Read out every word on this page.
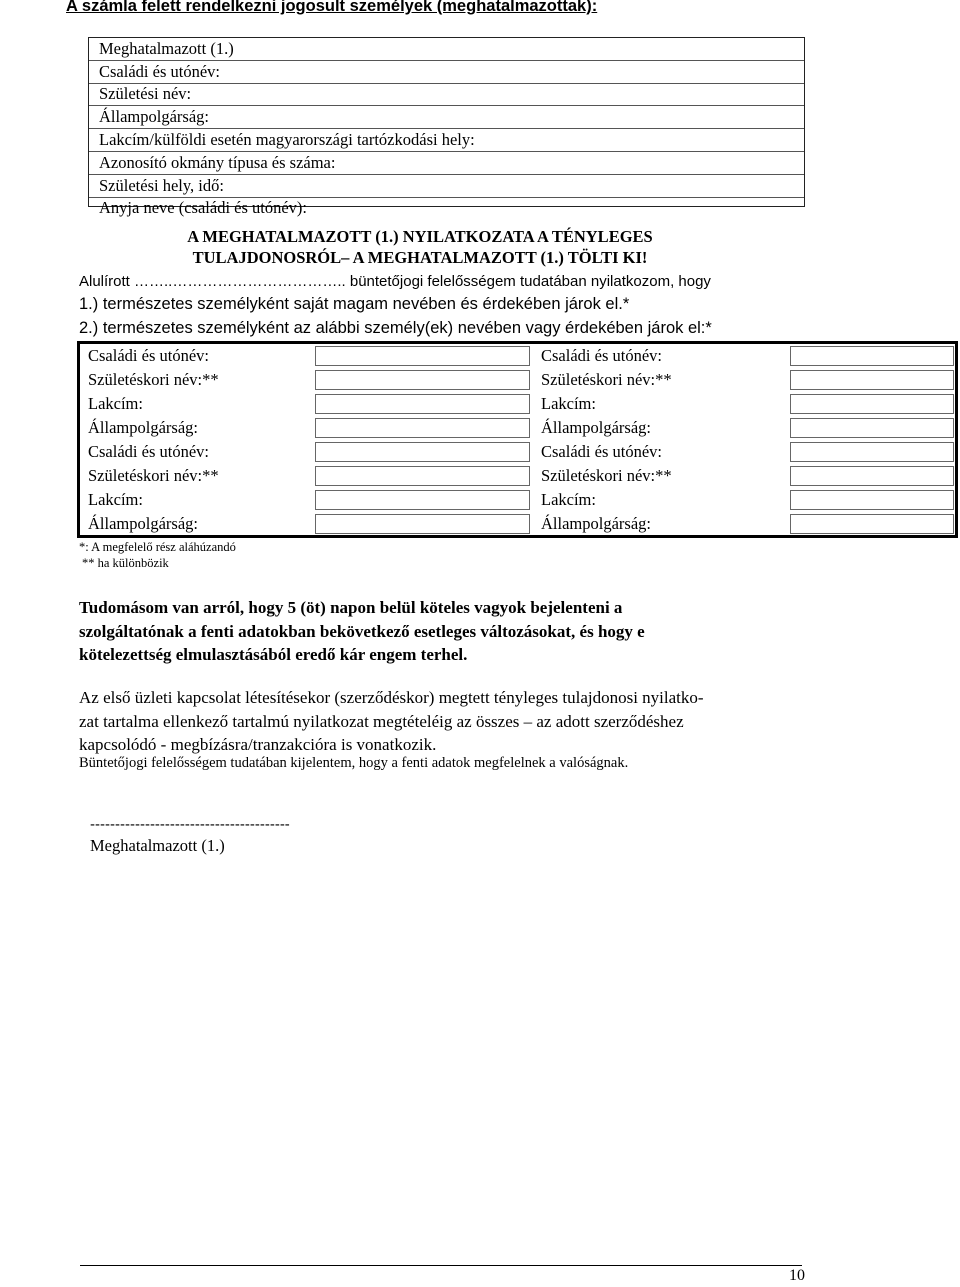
A számla felett rendelkezni jogosult személyek (meghatalmazottak):
Meghatalmazott (1.)
Családi és utónév:
Születési név:
Állampolgárság:
Lakcím/külföldi esetén magyarországi tartózkodási hely:
Azonosító okmány típusa és száma:
Születési hely, idő:
Anyja neve (családi és utónév):
A MEGHATALMAZOTT (1.) NYILATKOZATA A TÉNYLEGES
TULAJDONOSRÓL– A MEGHATALMAZOTT (1.) TÖLTI KI!
Alulírott ……..…………………………….. büntetőjogi felelősségem tudatában nyilatkozom, hogy
1.) természetes személyként saját magam nevében és érdekében járok el.*
2.) természetes személyként az alábbi személy(ek) nevében vagy érdekében járok el:*
Családi és utónév:	Családi és utónév:
Születéskori név:**	Születéskori név:**
Lakcím:	Lakcím:
Állampolgárság:	Állampolgárság:
Családi és utónév:	Családi és utónév:
Születéskori név:**	Születéskori név:**
Lakcím:	Lakcím:
Állampolgárság:	Állampolgárság:
*: A megfelelő rész aláhúzandó
** ha különbözik
Tudomásom van arról, hogy 5 (öt) napon belül köteles vagyok bejelenteni a
szolgáltatónak a fenti adatokban bekövetkező esetleges változásokat, és hogy e
kötelezettség elmulasztásából eredő kár engem terhel.
Az első üzleti kapcsolat létesítésekor (szerződéskor) megtett tényleges tulajdonosi nyilatko-
zat tartalma ellenkező tartalmú nyilatkozat megtételéig az összes – az adott szerződéshez
kapcsolódó - megbízásra/tranzakcióra is vonatkozik.
Büntetőjogi felelősségem tudatában kijelentem, hogy a fenti adatok megfelelnek a valóságnak.
----------------------------------------
Meghatalmazott (1.)
10
